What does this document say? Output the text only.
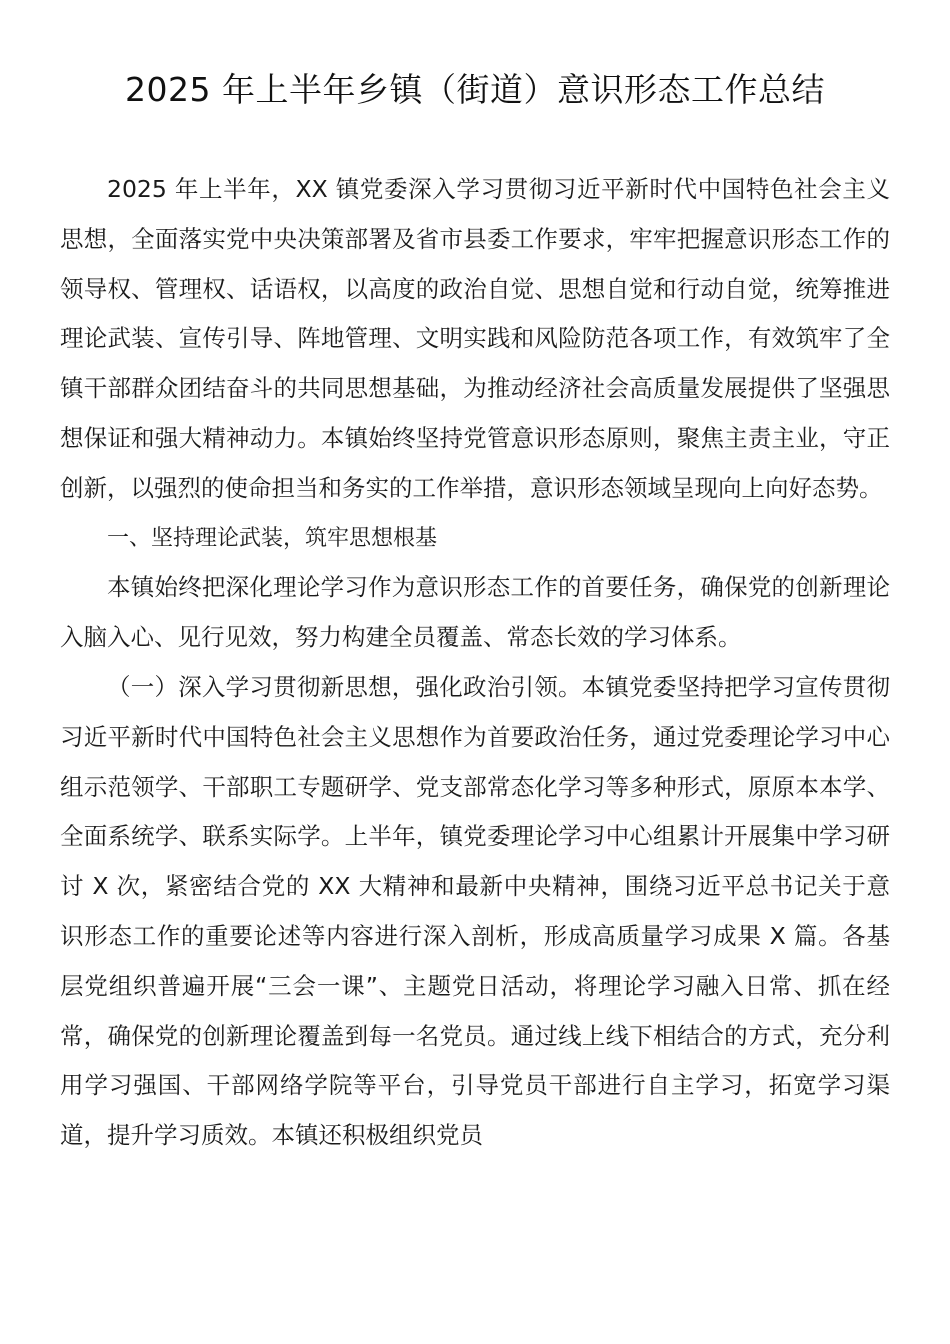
2025 年上半年乡镇（街道）意识形态工作总结

2025 年上半年，XX 镇党委深入学习贯彻习近平新时代中国特色社会主义思想，全面落实党中央决策部署及省市县委工作要求，牢牢把握意识形态工作的领导权、管理权、话语权，以高度的政治自觉、思想自觉和行动自觉，统筹推进理论武装、宣传引导、阵地管理、文明实践和风险防范各项工作，有效筑牢了全镇干部群众团结奋斗的共同思想基础，为推动经济社会高质量发展提供了坚强思想保证和强大精神动力。本镇始终坚持党管意识形态原则，聚焦主责主业，守正创新，以强烈的使命担当和务实的工作举措，意识形态领域呈现向上向好态势。

一、坚持理论武装，筑牢思想根基

本镇始终把深化理论学习作为意识形态工作的首要任务，确保党的创新理论入脑入心、见行见效，努力构建全员覆盖、常态长效的学习体系。

（一）深入学习贯彻新思想，强化政治引领。本镇党委坚持把学习宣传贯彻习近平新时代中国特色社会主义思想作为首要政治任务，通过党委理论学习中心组示范领学、干部职工专题研学、党支部常态化学习等多种形式，原原本本学、全面系统学、联系实际学。上半年，镇党委理论学习中心组累计开展集中学习研讨 X 次，紧密结合党的 XX 大精神和最新中央精神，围绕习近平总书记关于意识形态工作的重要论述等内容进行深入剖析，形成高质量学习成果 X 篇。各基层党组织普遍开展“三会一课”、主题党日活动，将理论学习融入日常、抓在经常，确保党的创新理论覆盖到每一名党员。通过线上线下相结合的方式，充分利用学习强国、干部网络学院等平台，引导党员干部进行自主学习，拓宽学习渠道，提升学习质效。本镇还积极组织党员
